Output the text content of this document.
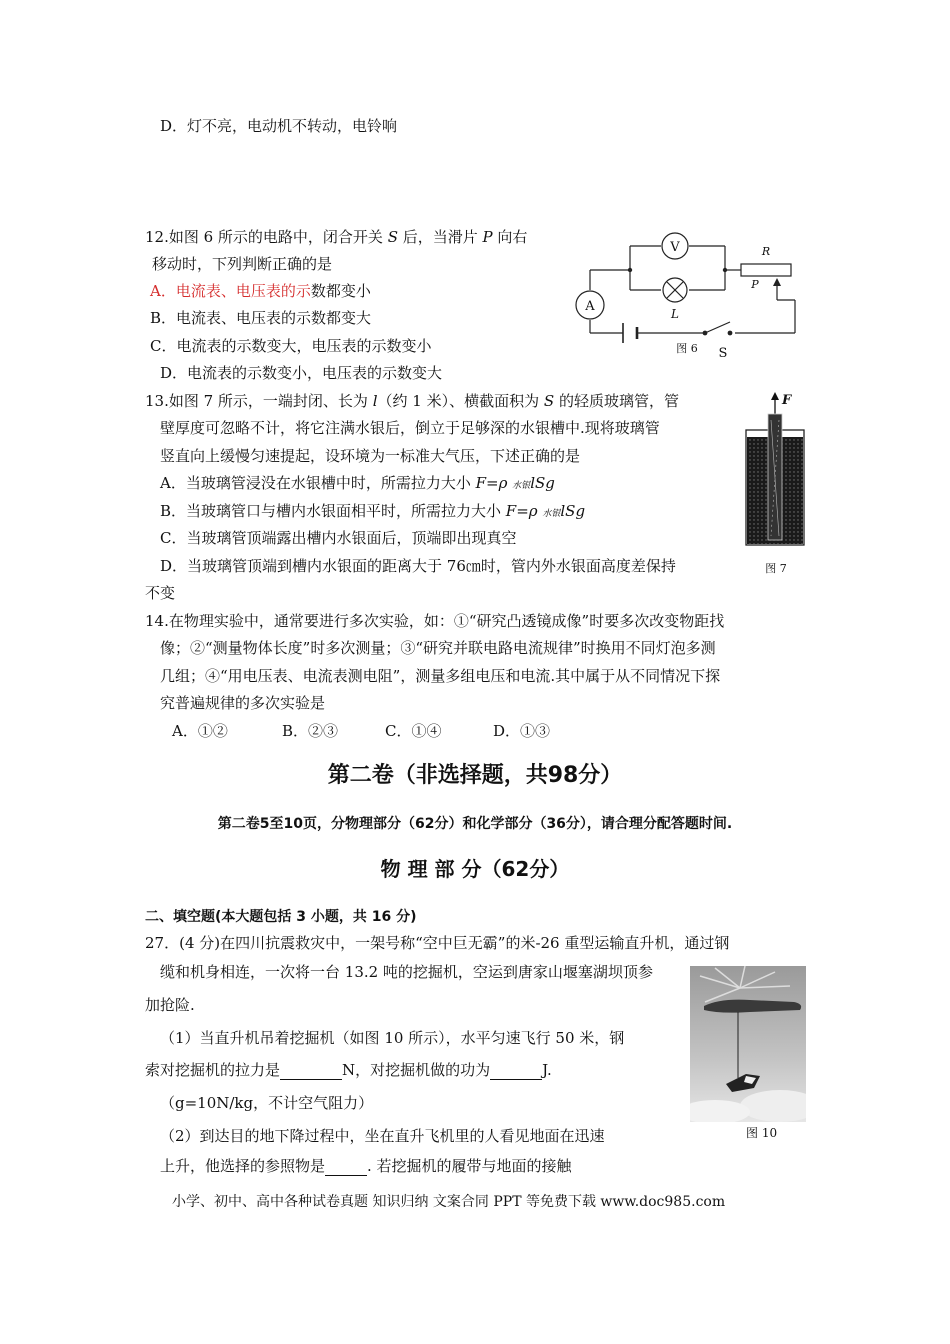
D．灯不亮，电动机不转动，电铃响
12.如图 6 所示的电路中，闭合开关 S 后，当滑片 P 向右
移动时，下列判断正确的是
A．电流表、电压表的示数都变小
B．电流表、电压表的示数都变大
C．电流表的示数变大，电压表的示数变小
D．电流表的示数变小，电压表的示数变大
V
A	L
R
P
S
图 6
13.如图 7 所示，一端封闭、长为 l（约 1 米）、横截面积为 S 的轻质玻璃管，管
壁厚度可忽略不计，将它注满水银后，倒立于足够深的水银槽中.现将玻璃管
竖直向上缓慢匀速提起，设环境为一标准大气压，下述正确的是
A．当玻璃管浸没在水银槽中时，所需拉力大小 F=ρ 水银lSg
B．当玻璃管口与槽内水银面相平时，所需拉力大小 F=ρ 水银lSg
C．当玻璃管顶端露出槽内水银面后，顶端即出现真空
D．当玻璃管顶端到槽内水银面的距离大于 76㎝时，管内外水银面高度差保持
不变
F
图 7
14.在物理实验中，通常要进行多次实验，如：①“研究凸透镜成像”时要多次改变物距找
像；②“测量物体长度”时多次测量；③“研究并联电路电流规律”时换用不同灯泡多测
几组；④“用电压表、电流表测电阻”，测量多组电压和电流.其中属于从不同情况下探
究普遍规律的多次实验是
A．①②	B．②③	C．①④	D．①③
第二卷（非选择题，共98分）
第二卷5至10页，分物理部分（62分）和化学部分（36分），请合理分配答题时间.
物 理 部 分（62分）
二、填空题(本大题包括 3 小题，共 16 分)
27．(4 分)在四川抗震救灾中，一架号称“空中巨无霸”的米-26 重型运输直升机，通过钢
缆和机身相连，一次将一台 13.2 吨的挖掘机，空运到唐家山堰塞湖坝顶参
加抢险.
（1）当直升机吊着挖掘机（如图 10 所示），水平匀速飞行 50 米，钢
索对挖掘机的拉力是	N，对挖掘机做的功为	J.
（g=10N/kg，不计空气阻力）
（2）到达目的地下降过程中，坐在直升飞机里的人看见地面在迅速
上升，他选择的参照物是	. 若挖掘机的履带与地面的接触
图 10
小学、初中、高中各种试卷真题 知识归纳 文案合同 PPT 等免费下载 www.doc985.com
